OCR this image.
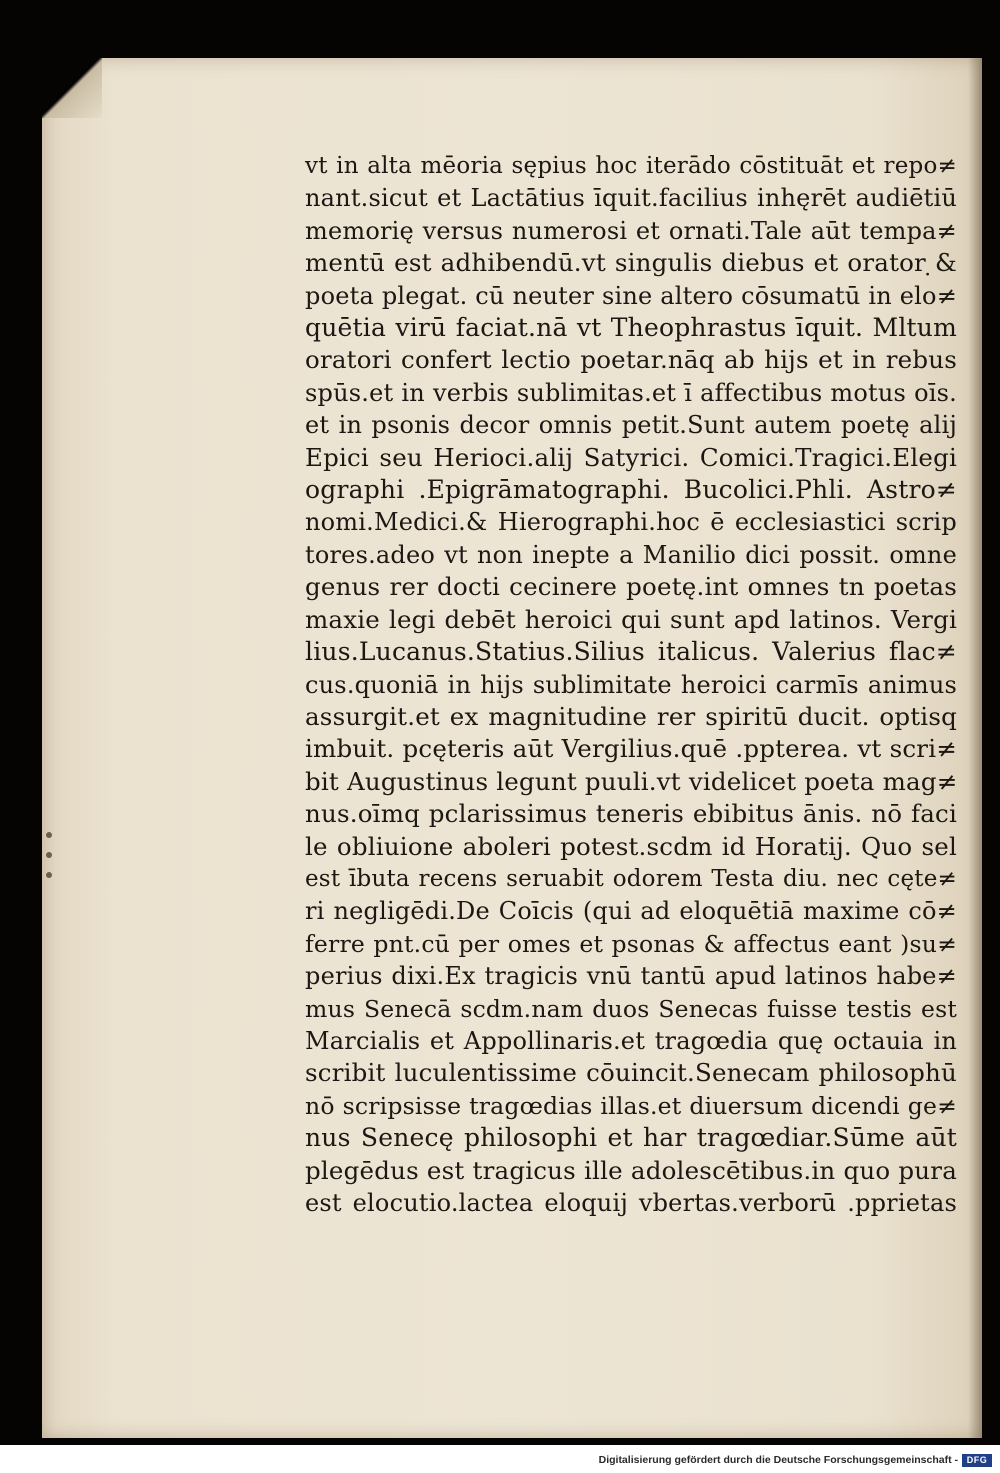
vt in alta mēoria sępius hoc iterādo cōstituāt et repo≠
nant.sicut et Lactātius īquit.facilius inhęrēt audiētiū
memorię versus numerosi et ornati.Tale aūt tempa≠
mentū est adhibendū.vt singulis diebus et orator ̣&
poeta plegat. cū neuter sine altero cōsumatū in elo≠
quētia virū faciat.nā vt Theophrastus īquit. Mltum
oratori confert lectio poetar.nāq ab hijs et in rebus
spūs.et in verbis sublimitas.et ī affectibus motus oīs.
et in psonis decor omnis petit.Sunt autem poetę alij
Epici seu Herioci.alij Satyrici. Comici.Tragici.Elegi
ographi .Epigrāmatographi. Bucolici.Phli. Astro≠
nomi.Medici.& Hierographi.hoc ē ecclesiastici scrip
tores.adeo vt non inepte a Manilio dici possit. omne
genus rer docti cecinere poetę.int omnes tn poetas
maxie legi debēt heroici qui sunt apd latinos. Vergi
lius.Lucanus.Statius.Silius italicus. Valerius flac≠
cus.quoniā in hijs sublimitate heroici carmīs animus
assurgit.et ex magnitudine rer spiritū ducit. optisq
imbuit. pcęteris aūt Vergilius.quē .ppterea. vt scri≠
bit Augustinus legunt puuli.vt videlicet poeta mag≠
nus.oīmq pclarissimus teneris ebibitus ānis. nō faci
le obliuione aboleri potest.scdm id Horatij. Quo sel
est ībuta recens seruabit odorem Testa diu. nec cęte≠
ri negligēdi.De Coīcis (qui ad eloquētiā maxime cō≠
ferre pnt.cū per omes et psonas & affectus eant )su≠
perius dixi.Ex tragicis vnū tantū apud latinos habe≠
mus Senecā scdm.nam duos Senecas fuisse testis est
Marcialis et Appollinaris.et tragœdia quę octauia in
scribit luculentissime cōuincit.Senecam philosophū
nō scripsisse tragœdias illas.et diuersum dicendi ge≠
nus Senecę philosophi et har tragœdiar.Sūme aūt
plegēdus est tragicus ille adolescētibus.in quo pura
est elocutio.lactea eloquij vbertas.verborū .pprietas
Digitalisierung gefördert durch die Deutsche Forschungsgemeinschaft - DFG
